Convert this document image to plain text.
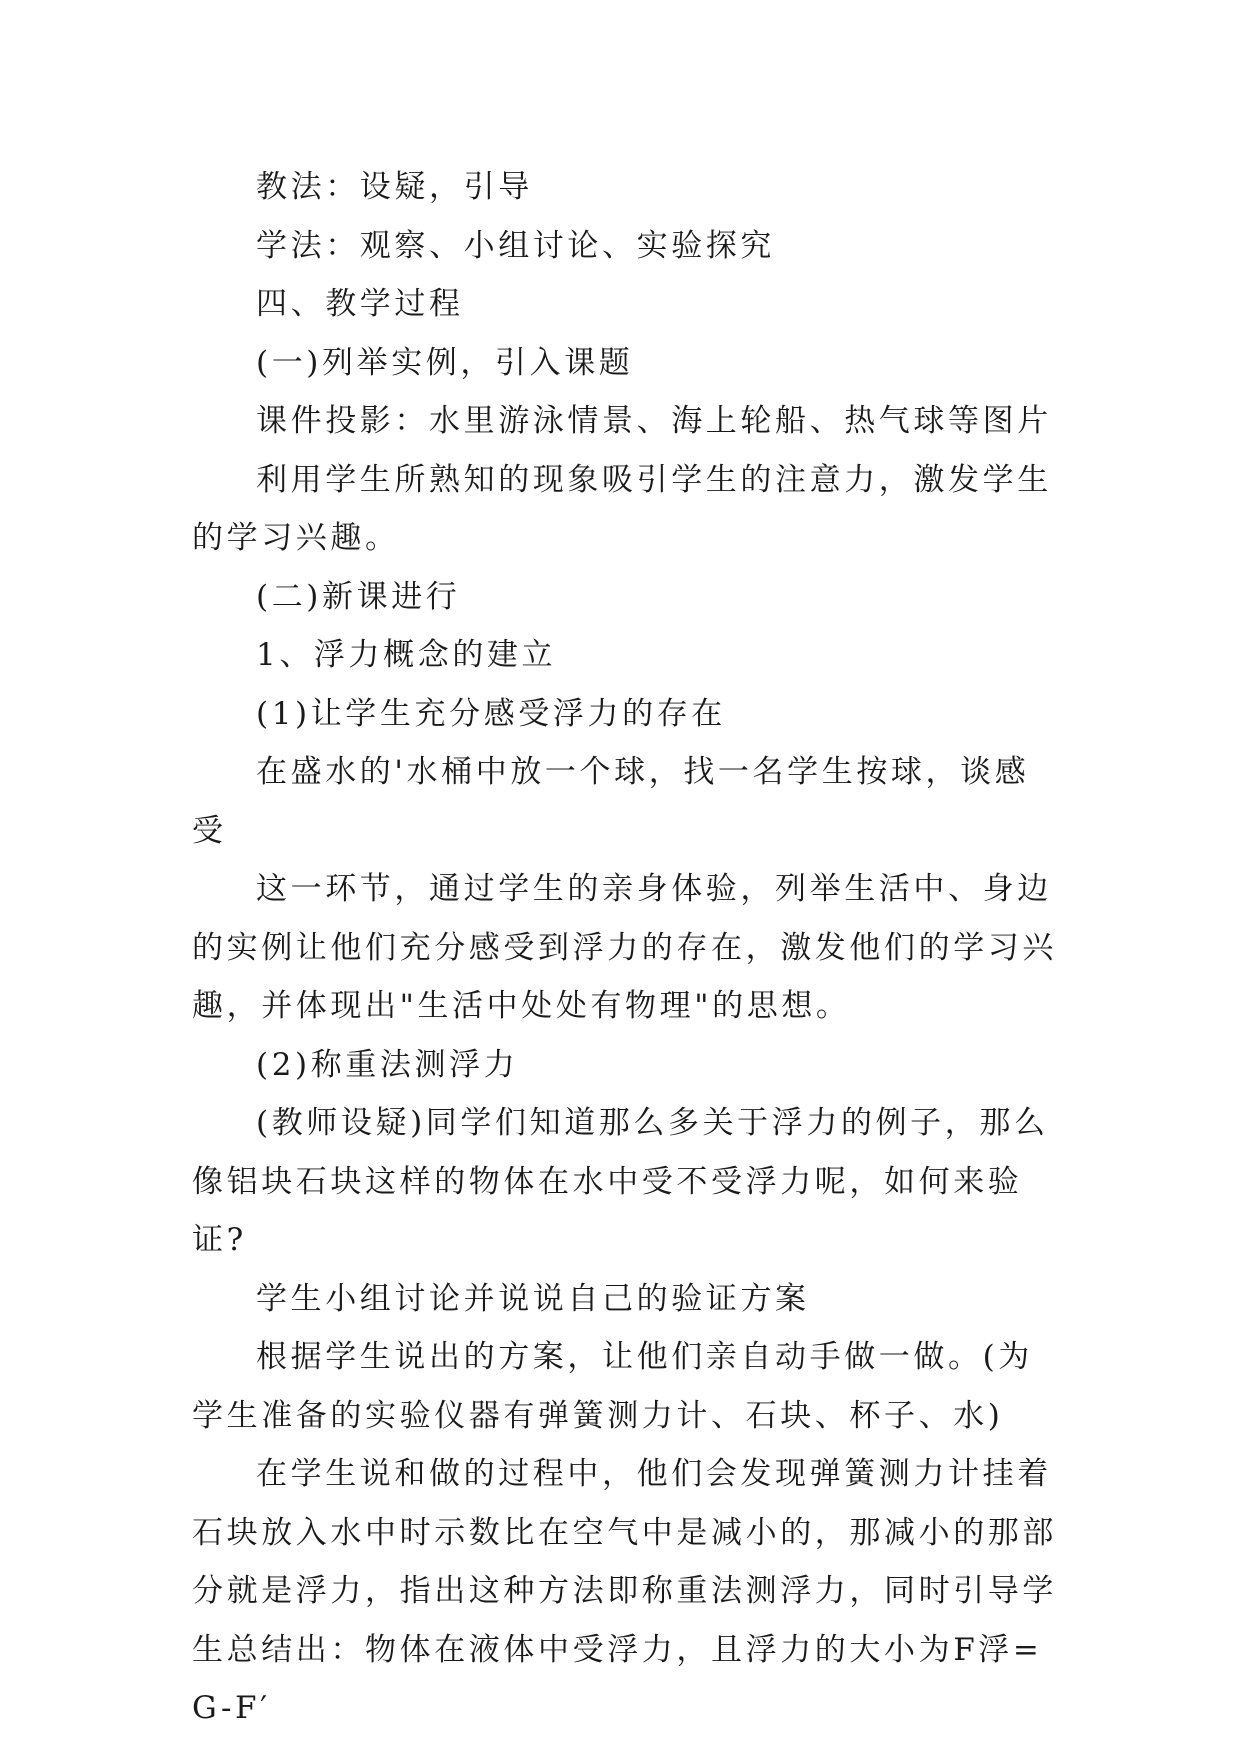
教法：设疑，引导

学法：观察、小组讨论、实验探究

四、教学过程

(一)列举实例，引入课题

课件投影：水里游泳情景、海上轮船、热气球等图片

利用学生所熟知的现象吸引学生的注意力，激发学生的学习兴趣。

(二)新课进行

1、浮力概念的建立

(1)让学生充分感受浮力的存在

在盛水的'水桶中放一个球，找一名学生按球，谈感受

这一环节，通过学生的亲身体验，列举生活中、身边的实例让他们充分感受到浮力的存在，激发他们的学习兴趣，并体现出"生活中处处有物理"的思想。

(2)称重法测浮力

(教师设疑)同学们知道那么多关于浮力的例子，那么像铝块石块这样的物体在水中受不受浮力呢，如何来验证?

学生小组讨论并说说自己的验证方案

根据学生说出的方案，让他们亲自动手做一做。(为学生准备的实验仪器有弹簧测力计、石块、杯子、水)

在学生说和做的过程中，他们会发现弹簧测力计挂着石块放入水中时示数比在空气中是减小的，那减小的那部分就是浮力，指出这种方法即称重法测浮力，同时引导学生总结出：物体在液体中受浮力，且浮力的大小为F浮=G-F′
